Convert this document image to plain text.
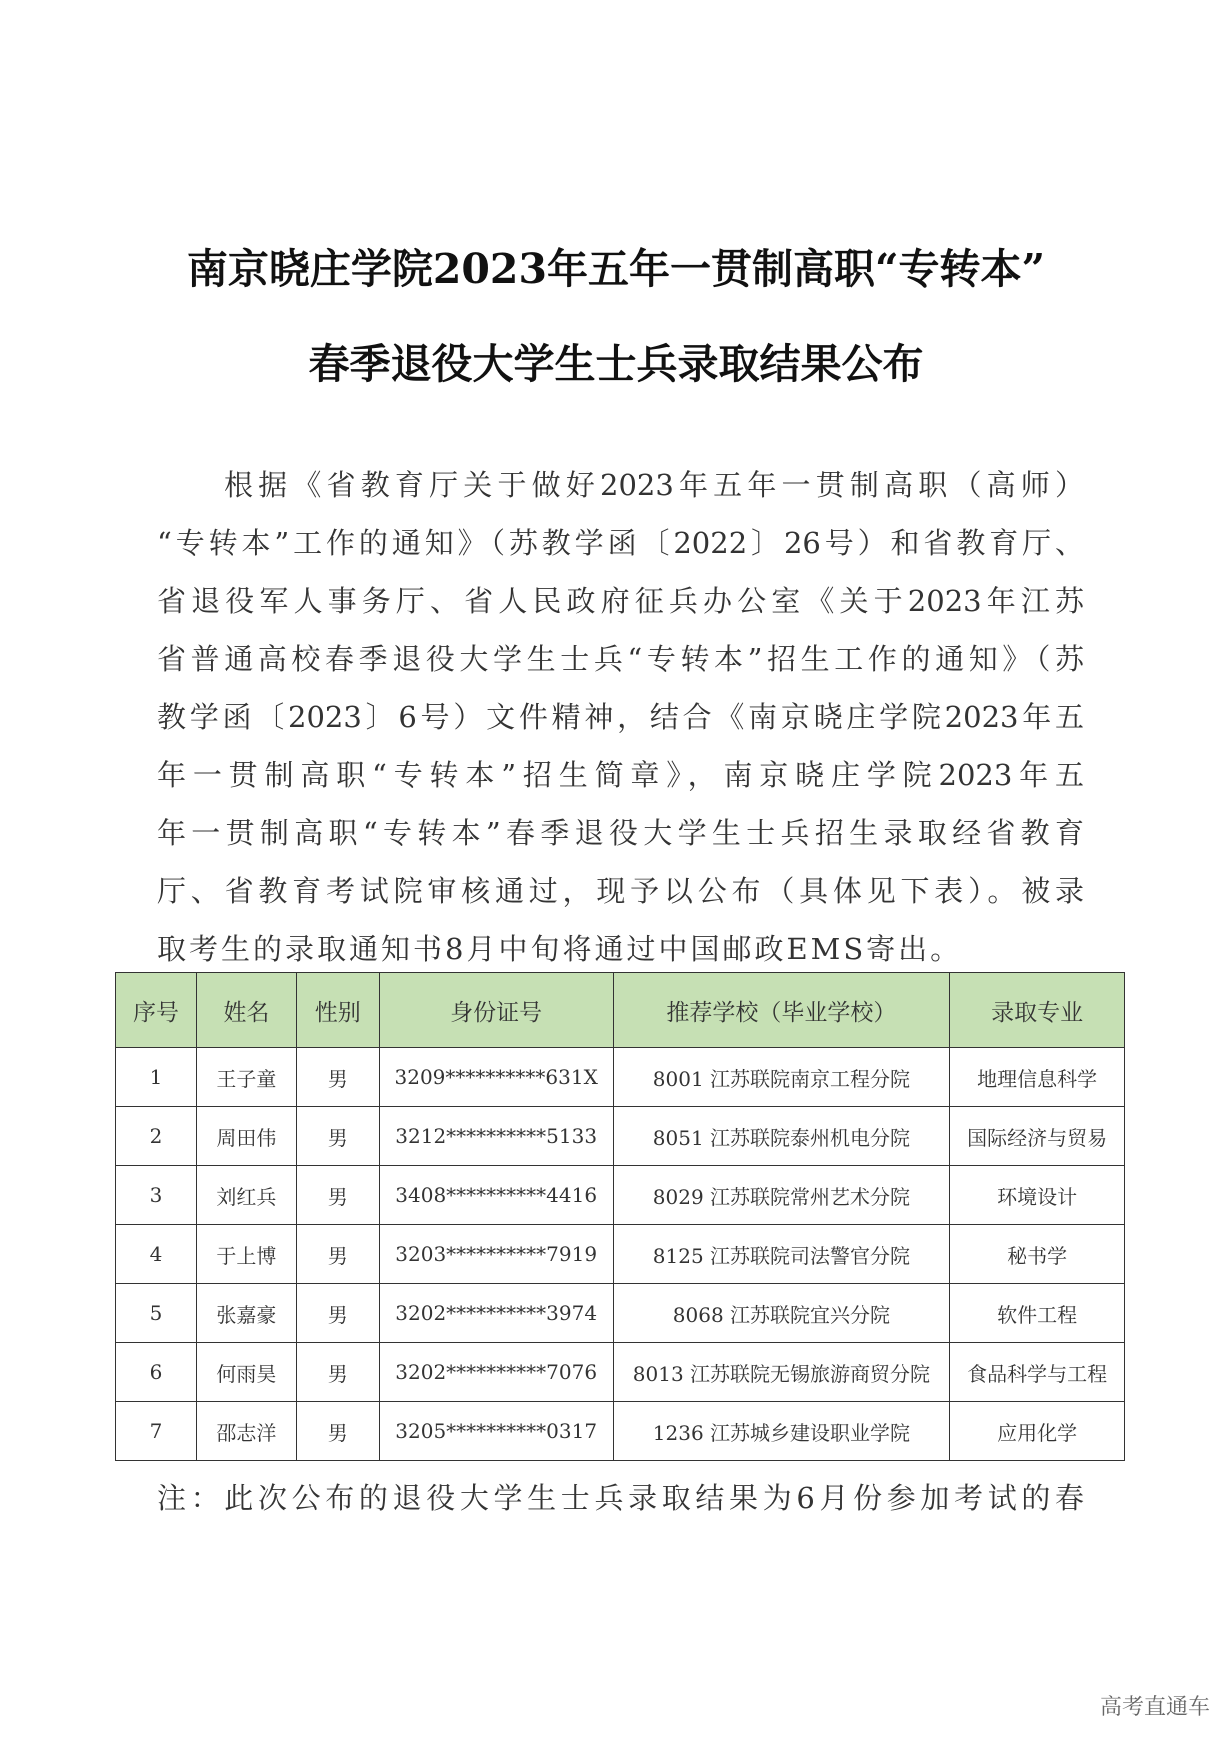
南京晓庄学院2023年五年一贯制高职“专转本”
春季退役大学生士兵录取结果公布
根据《省教育厅关于做好2023年五年一贯制高职（高师）
“专转本”工作的通知》（苏教学函〔2022〕26号）和省教育厅、
省退役军人事务厅、省人民政府征兵办公室《关于2023年江苏
省普通高校春季退役大学生士兵“专转本”招生工作的通知》（苏
教学函〔2023〕6号）文件精神，结合《南京晓庄学院2023年五
年一贯制高职“专转本”招生简章》，南京晓庄学院2023年五
年一贯制高职“专转本”春季退役大学生士兵招生录取经省教育
厅、省教育考试院审核通过，现予以公布（具体见下表）。被录
取考生的录取通知书8月中旬将通过中国邮政EMS寄出。
序号	姓名	性别	身份证号	推荐学校（毕业学校）	录取专业
1	王子童	男	3209**********631X	8001 江苏联院南京工程分院	地理信息科学
2	周田伟	男	3212**********5133	8051 江苏联院泰州机电分院	国际经济与贸易
3	刘红兵	男	3408**********4416	8029 江苏联院常州艺术分院	环境设计
4	于上博	男	3203**********7919	8125 江苏联院司法警官分院	秘书学
5	张嘉豪	男	3202**********3974	8068 江苏联院宜兴分院	软件工程
6	何雨昊	男	3202**********7076	8013 江苏联院无锡旅游商贸分院	食品科学与工程
7	邵志洋	男	3205**********0317	1236 江苏城乡建设职业学院	应用化学
注：此次公布的退役大学生士兵录取结果为6月份参加考试的春
高考直通车
